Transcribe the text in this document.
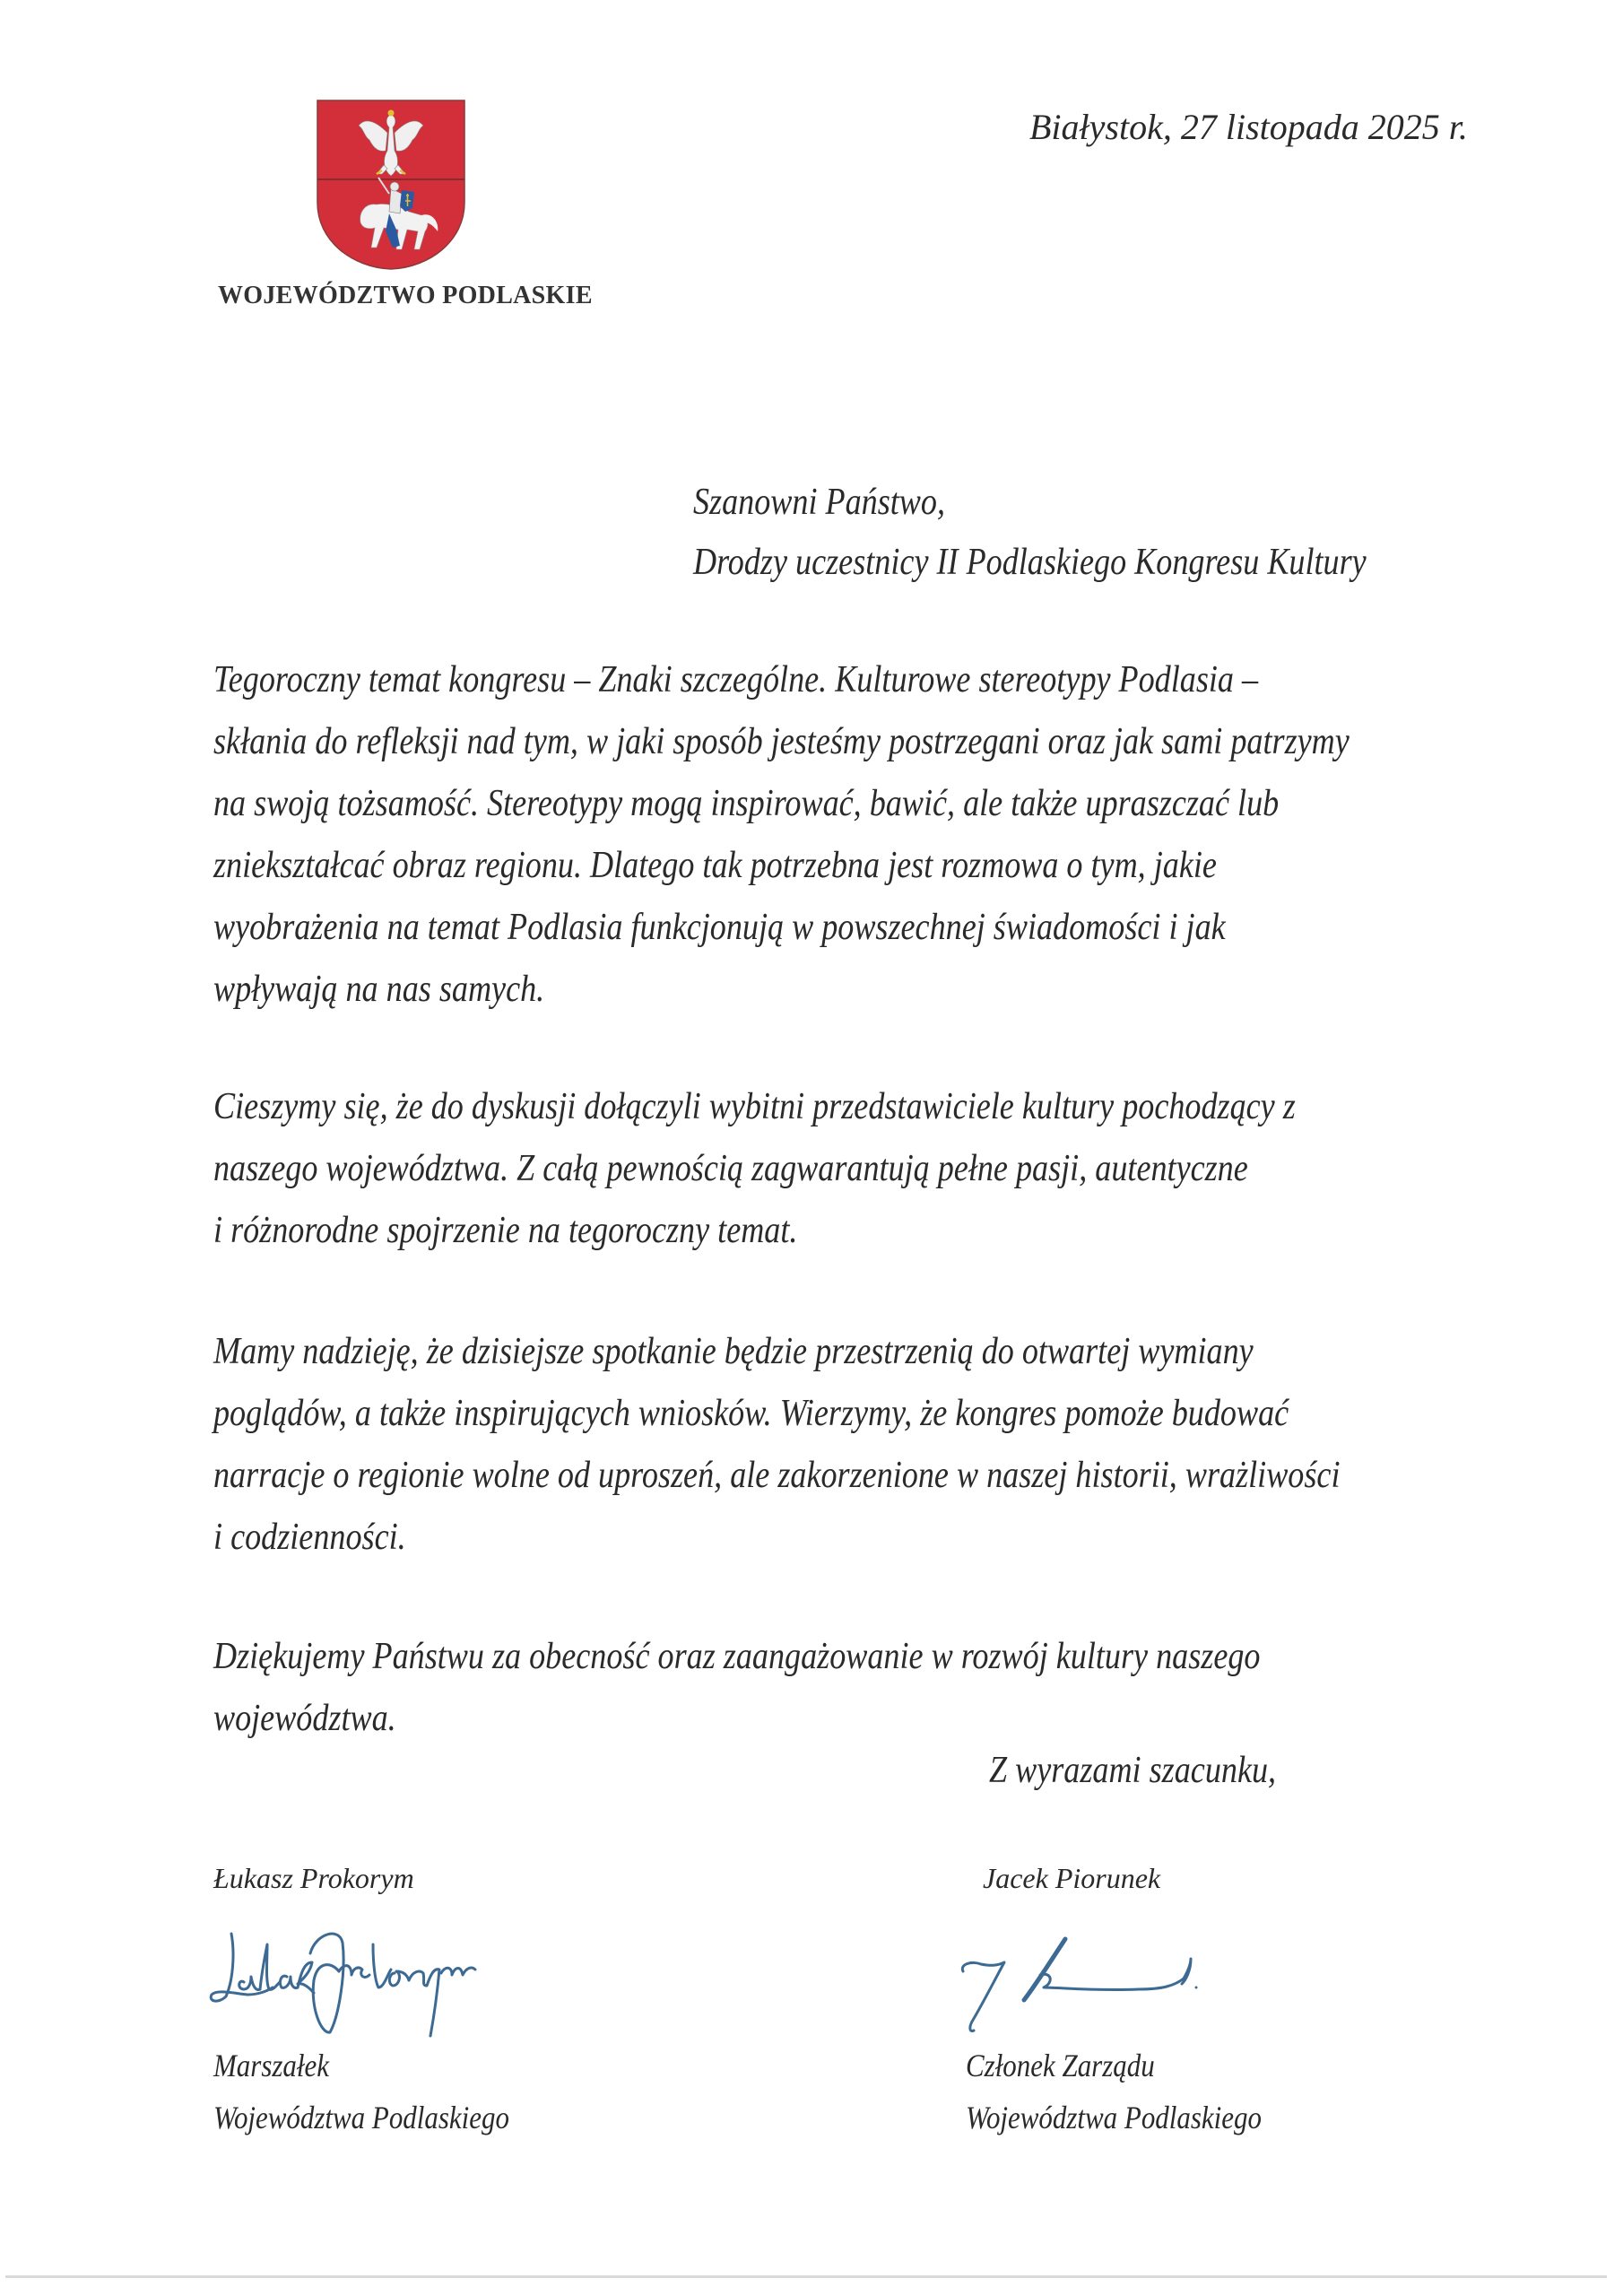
WOJEWÓDZTWO PODLASKIE
Białystok, 27 listopada 2025 r.
Szanowni Państwo,
Drodzy uczestnicy II Podlaskiego Kongresu Kultury
Tegoroczny temat kongresu – Znaki szczególne. Kulturowe stereotypy Podlasia –
skłania do refleksji nad tym, w jaki sposób jesteśmy postrzegani oraz jak sami patrzymy
na swoją tożsamość. Stereotypy mogą inspirować, bawić, ale także upraszczać lub
zniekształcać obraz regionu. Dlatego tak potrzebna jest rozmowa o tym, jakie
wyobrażenia na temat Podlasia funkcjonują w powszechnej świadomości i jak
wpływają na nas samych.
Cieszymy się, że do dyskusji dołączyli wybitni przedstawiciele kultury pochodzący z
naszego województwa. Z całą pewnością zagwarantują pełne pasji, autentyczne
i różnorodne spojrzenie na tegoroczny temat.
Mamy nadzieję, że dzisiejsze spotkanie będzie przestrzenią do otwartej wymiany
poglądów, a także inspirujących wniosków. Wierzymy, że kongres pomoże budować
narracje o regionie wolne od uproszeń, ale zakorzenione w naszej historii, wrażliwości
i codzienności.
Dziękujemy Państwu za obecność oraz zaangażowanie w rozwój kultury naszego
województwa.
Z wyrazami szacunku,
Łukasz Prokorym
Marszałek
Województwa Podlaskiego
Jacek Piorunek
Członek Zarządu
Województwa Podlaskiego
